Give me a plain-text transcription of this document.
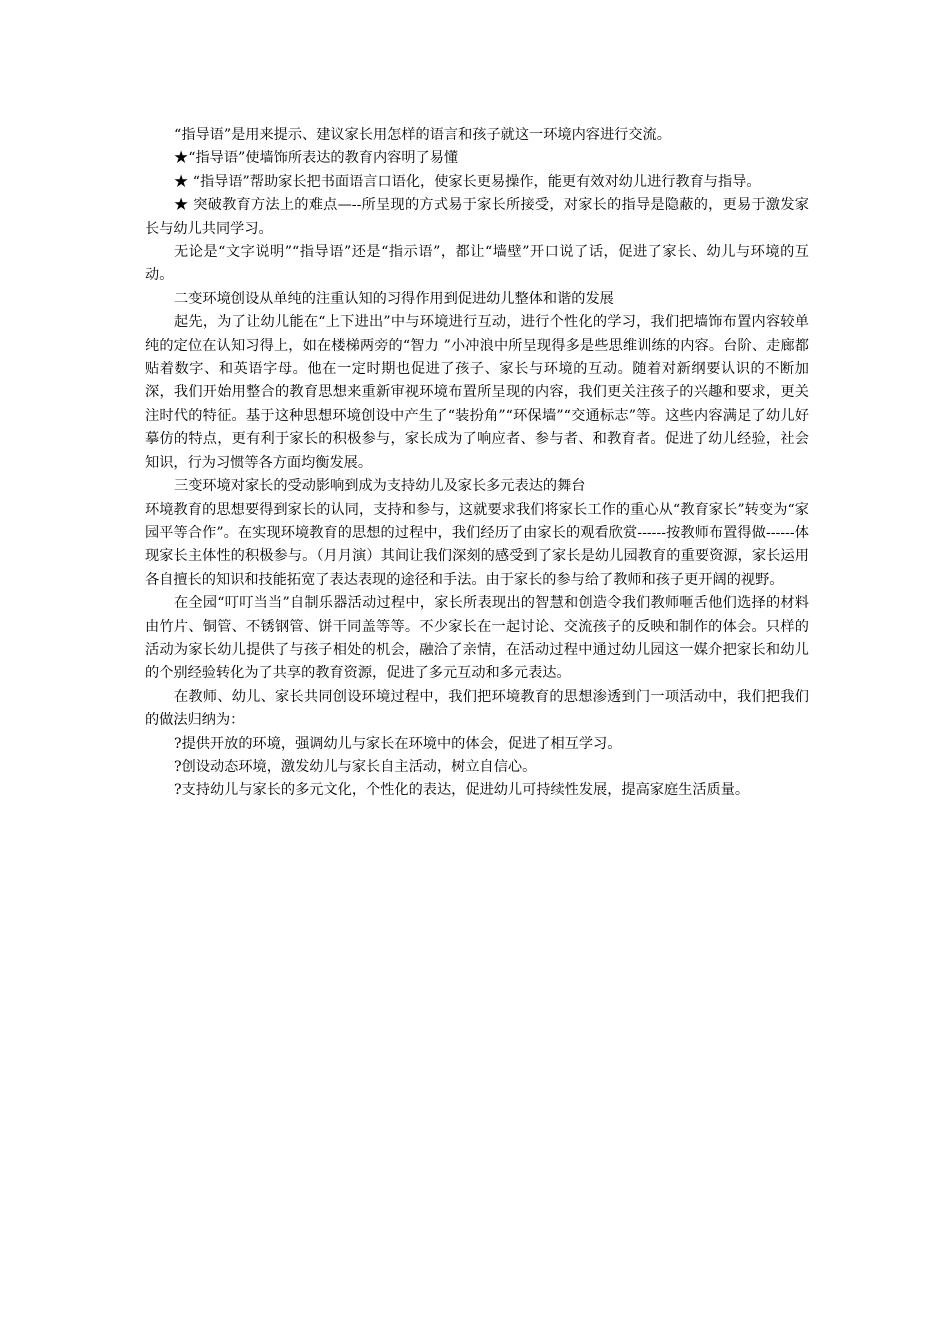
“指导语”是用来提示、建议家长用怎样的语言和孩子就这一环境内容进行交流。

★“指导语”使墙饰所表达的教育内容明了易懂

★ “指导语”帮助家长把书面语言口语化，使家长更易操作，能更有效对幼儿进行教育与指导。

★ 突破教育方法上的难点—--所呈现的方式易于家长所接受，对家长的指导是隐蔽的，更易于激发家长与幼儿共同学习。

无论是“文字说明”“指导语”还是“指示语”，都让“墙壁”开口说了话，促进了家长、幼儿与环境的互动。

二变环境创设从单纯的注重认知的习得作用到促进幼儿整体和谐的发展

起先，为了让幼儿能在“上下进出”中与环境进行互动，进行个性化的学习，我们把墙饰布置内容较单纯的定位在认知习得上，如在楼梯两旁的“智力 ”小冲浪中所呈现得多是些思维训练的内容。台阶、走廊都贴着数字、和英语字母。他在一定时期也促进了孩子、家长与环境的互动。随着对新纲要认识的不断加深，我们开始用整合的教育思想来重新审视环境布置所呈现的内容，我们更关注孩子的兴趣和要求，更关注时代的特征。基于这种思想环境创设中产生了“装扮角”“环保墙”“交通标志”等。这些内容满足了幼儿好摹仿的特点，更有利于家长的积极参与，家长成为了响应者、参与者、和教育者。促进了幼儿经验，社会知识，行为习惯等各方面均衡发展。

三变环境对家长的受动影响到成为支持幼儿及家长多元表达的舞台

环境教育的思想要得到家长的认同，支持和参与，这就要求我们将家长工作的重心从“教育家长”转变为“家园平等合作”。在实现环境教育的思想的过程中，我们经历了由家长的观看欣赏------按教师布置得做------体现家长主体性的积极参与。（月月演）其间让我们深刻的感受到了家长是幼儿园教育的重要资源，家长运用各自擅长的知识和技能拓宽了表达表现的途径和手法。由于家长的参与给了教师和孩子更开阔的视野。

在全园“叮叮当当”自制乐器活动过程中，家长所表现出的智慧和创造令我们教师咂舌他们选择的材料由竹片、铜管、不锈钢管、饼干同盖等等。不少家长在一起讨论、交流孩子的反映和制作的体会。只样的活动为家长幼儿提供了与孩子相处的机会，融洽了亲情，在活动过程中通过幼儿园这一媒介把家长和幼儿的个别经验转化为了共享的教育资源，促进了多元互动和多元表达。

在教师、幼儿、家长共同创设环境过程中，我们把环境教育的思想渗透到门一项活动中，我们把我们的做法归纳为：

?提供开放的环境，强调幼儿与家长在环境中的体会，促进了相互学习。

?创设动态环境，激发幼儿与家长自主活动，树立自信心。

?支持幼儿与家长的多元文化，个性化的表达，促进幼儿可持续性发展，提高家庭生活质量。
